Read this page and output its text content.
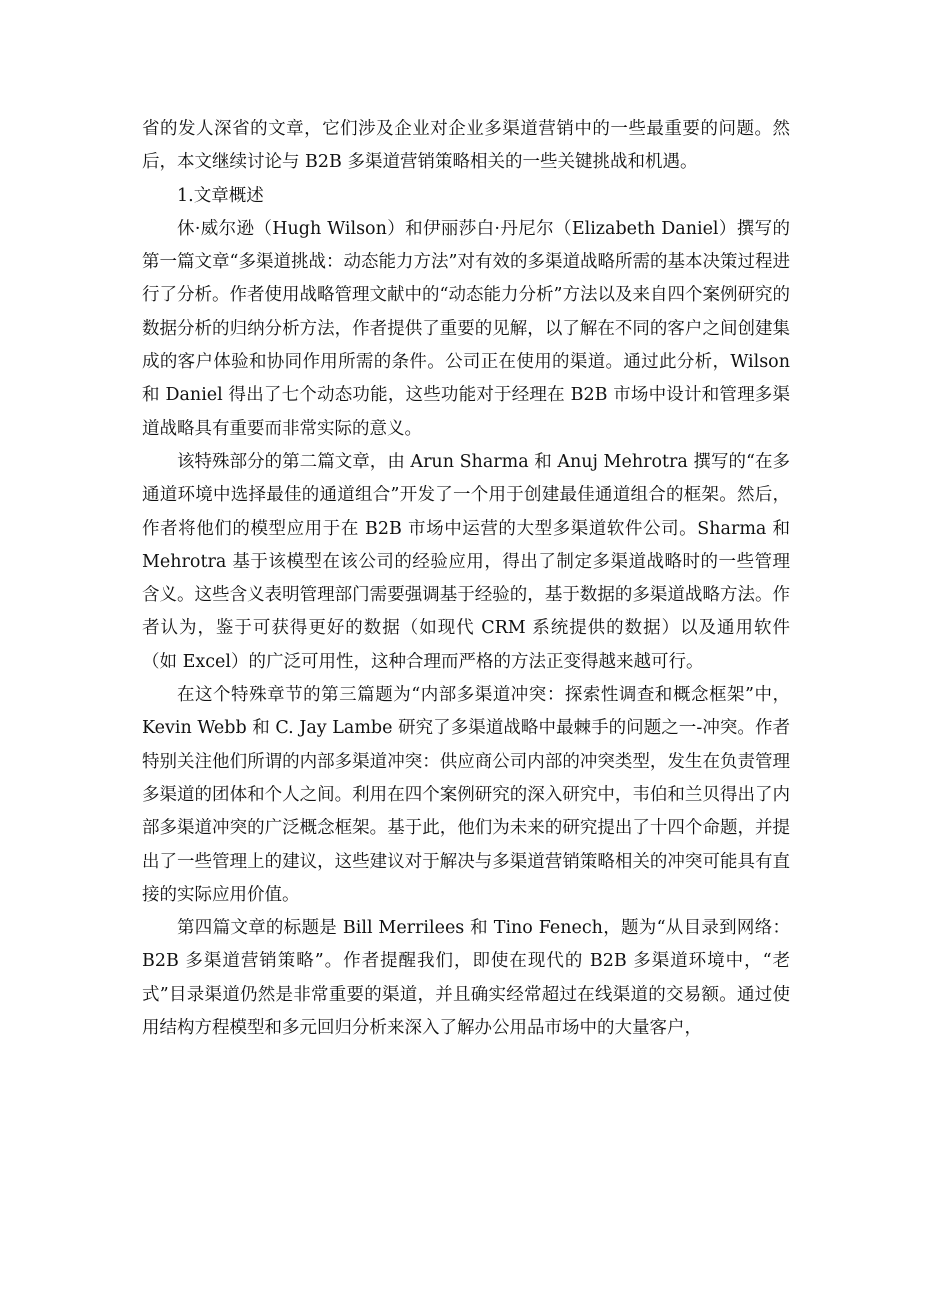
省的发人深省的文章，它们涉及企业对企业多渠道营销中的一些最重要的问题。然后，本文继续讨论与 B2B 多渠道营销策略相关的一些关键挑战和机遇。

1.文章概述

休·威尔逊（Hugh Wilson）和伊丽莎白·丹尼尔（Elizabeth Daniel）撰写的第一篇文章“多渠道挑战：动态能力方法”对有效的多渠道战略所需的基本决策过程进行了分析。作者使用战略管理文献中的“动态能力分析”方法以及来自四个案例研究的数据分析的归纳分析方法，作者提供了重要的见解，以了解在不同的客户之间创建集成的客户体验和协同作用所需的条件。公司正在使用的渠道。通过此分析，Wilson 和 Daniel 得出了七个动态功能，这些功能对于经理在 B2B 市场中设计和管理多渠道战略具有重要而非常实际的意义。

该特殊部分的第二篇文章，由 Arun Sharma 和 Anuj Mehrotra 撰写的“在多通道环境中选择最佳的通道组合”开发了一个用于创建最佳通道组合的框架。然后，作者将他们的模型应用于在 B2B 市场中运营的大型多渠道软件公司。Sharma 和 Mehrotra 基于该模型在该公司的经验应用，得出了制定多渠道战略时的一些管理含义。这些含义表明管理部门需要强调基于经验的，基于数据的多渠道战略方法。作者认为，鉴于可获得更好的数据（如现代 CRM 系统提供的数据）以及通用软件（如 Excel）的广泛可用性，这种合理而严格的方法正变得越来越可行。

在这个特殊章节的第三篇题为“内部多渠道冲突：探索性调查和概念框架”中，Kevin Webb 和 C. Jay Lambe 研究了多渠道战略中最棘手的问题之一-冲突。作者特别关注他们所谓的内部多渠道冲突：供应商公司内部的冲突类型，发生在负责管理多渠道的团体和个人之间。利用在四个案例研究的深入研究中，韦伯和兰贝得出了内部多渠道冲突的广泛概念框架。基于此，他们为未来的研究提出了十四个命题，并提出了一些管理上的建议，这些建议对于解决与多渠道营销策略相关的冲突可能具有直接的实际应用价值。

第四篇文章的标题是 Bill Merrilees 和 Tino Fenech，题为“从目录到网络：B2B 多渠道营销策略”。作者提醒我们，即使在现代的 B2B 多渠道环境中，“老式”目录渠道仍然是非常重要的渠道，并且确实经常超过在线渠道的交易额。通过使用结构方程模型和多元回归分析来深入了解办公用品市场中的大量客户，
